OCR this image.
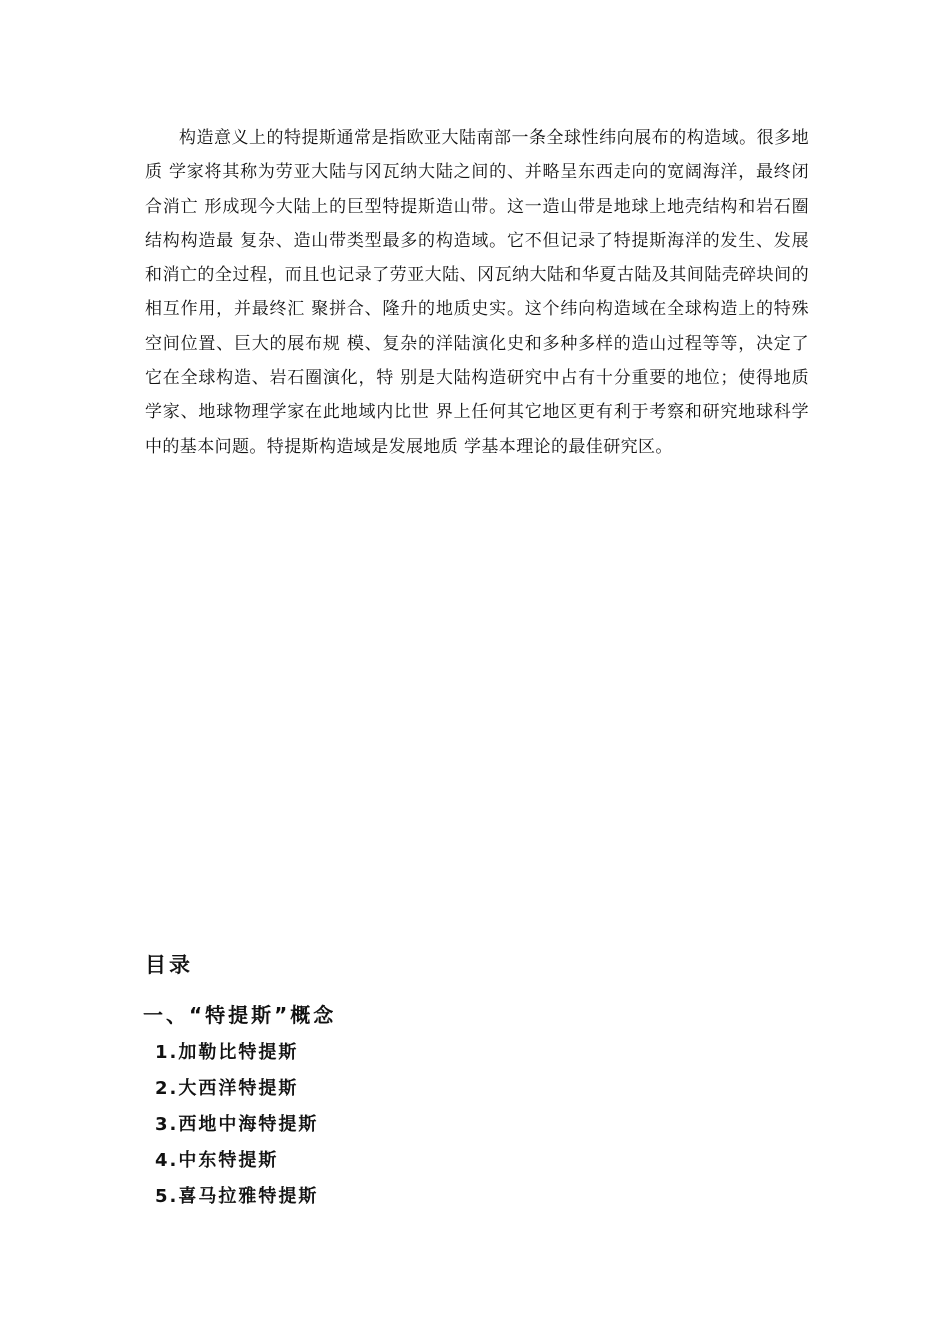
构造意义上的特提斯通常是指欧亚大陆南部一条全球性纬向展布的构造域。很多地质 学家将其称为劳亚大陆与冈瓦纳大陆之间的、并略呈东西走向的宽阔海洋，最终闭合消亡 形成现今大陆上的巨型特提斯造山带。这一造山带是地球上地壳结构和岩石圈结构构造最 复杂、造山带类型最多的构造域。它不但记录了特提斯海洋的发生、发展和消亡的全过程，而且也记录了劳亚大陆、冈瓦纳大陆和华夏古陆及其间陆壳碎块间的相互作用，并最终汇 聚拼合、隆升的地质史实。这个纬向构造域在全球构造上的特殊空间位置、巨大的展布规 模、复杂的洋陆演化史和多种多样的造山过程等等，决定了它在全球构造、岩石圈演化，特 别是大陆构造研究中占有十分重要的地位；使得地质学家、地球物理学家在此地域内比世 界上任何其它地区更有利于考察和研究地球科学中的基本问题。特提斯构造域是发展地质 学基本理论的最佳研究区。

目录
一、“特提斯”概念
1.加勒比特提斯
2.大西洋特提斯
3.西地中海特提斯
4.中东特提斯
5.喜马拉雅特提斯
